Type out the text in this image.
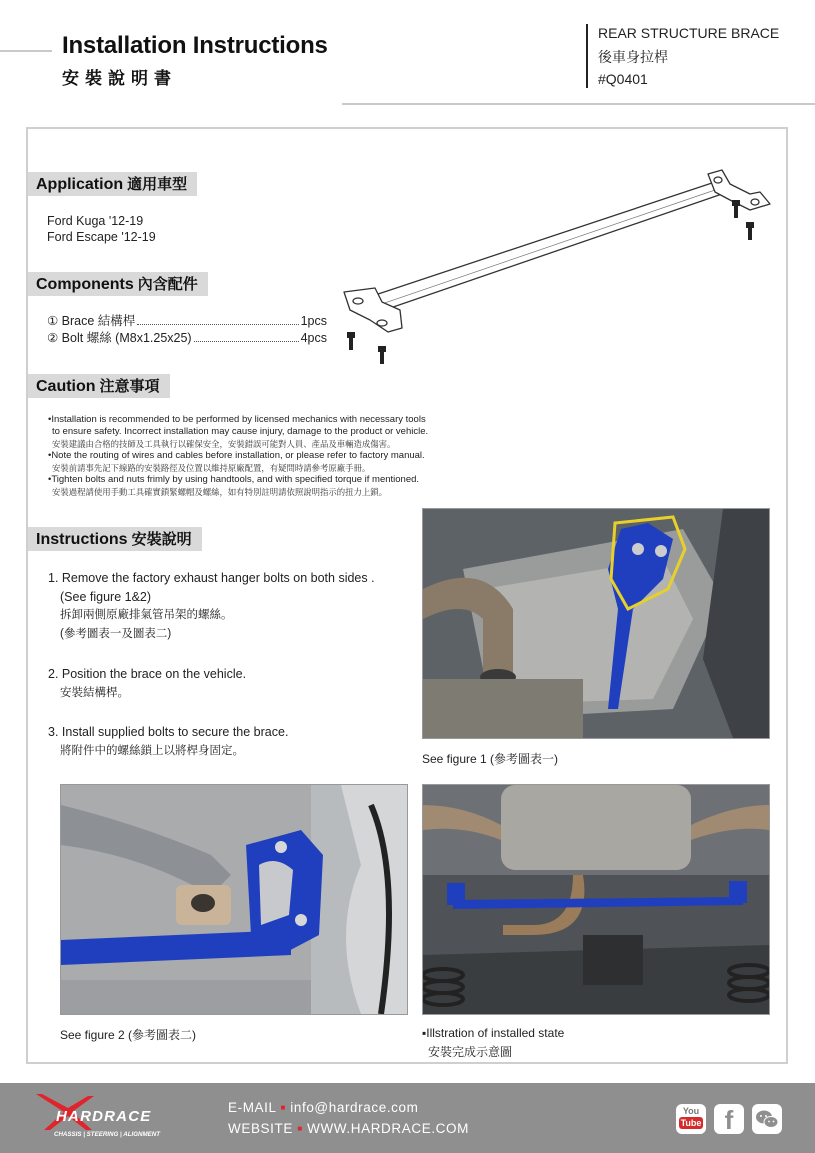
Installation Instructions
安裝說明書
REAR STRUCTURE BRACE
後車身拉桿
#Q0401
Application 適用車型
Ford Kuga '12-19
Ford Escape '12-19
Components 內含配件
① Brace 結構桿	1pcs
② Bolt 螺絲 (M8x1.25x25)	4pcs
Caution 注意事項

•Installation is recommended to be performed by licensed mechanics with necessary tools

to ensure safety. Incorrect installation may cause injury, damage to the product or vehicle.

安裝建議由合格的技師及工具執行以確保安全，安裝錯誤可能對人員、產品及車輛造成傷害。

•Note the routing of wires and cables before installation, or please refer to factory manual.

安裝前請事先記下線路的安裝路徑及位置以維持原廠配置，有疑問時請參考原廠手冊。

•Tighten bolts and nuts frimly by using handtools, and with specified torque if mentioned.

安裝過程請使用手動工具確實鎖緊螺帽及螺絲，如有特別註明請依照說明指示的扭力上鎖。

Instructions 安裝說明
1. Remove the factory exhaust hanger bolts on both sides .
(See figure 1&2)
拆卸兩側原廠排氣管吊架的螺絲。
(參考圖表一及圖表二)
2. Position the brace on the vehicle.
安裝結構桿。
3. Install supplied bolts to secure the brace.
將附件中的螺絲鎖上以將桿身固定。
See figure 1 (參考圖表一)
See figure 2 (參考圖表二)	▪Illstration of installed state
安裝完成示意圖
HARDRACE
CHASSIS | STEERING | ALIGNMENT
E-MAIL ■ info@hardrace.com
WEBSITE ■ WWW.HARDRACE.COM
You
Tube f
